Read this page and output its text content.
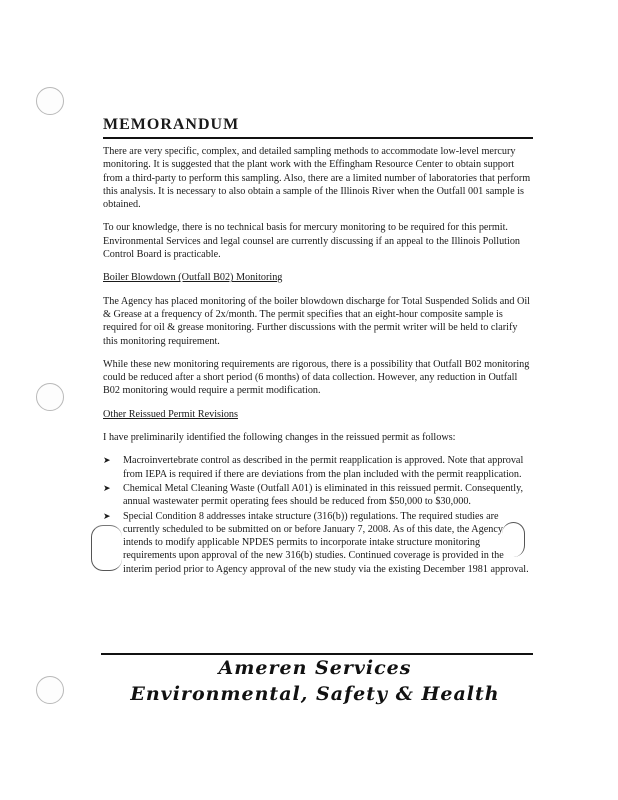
MEMORANDUM

There are very specific, complex, and detailed sampling methods to accommodate low-level mercury monitoring. It is suggested that the plant work with the Effingham Resource Center to obtain support from a third-party to perform this sampling. Also, there are a limited number of laboratories that perform this analysis. It is necessary to also obtain a sample of the Illinois River when the Outfall 001 sample is obtained.

To our knowledge, there is no technical basis for mercury monitoring to be required for this permit. Environmental Services and legal counsel are currently discussing if an appeal to the Illinois Pollution Control Board is practicable.

Boiler Blowdown (Outfall B02) Monitoring

The Agency has placed monitoring of the boiler blowdown discharge for Total Suspended Solids and Oil & Grease at a frequency of 2x/month. The permit specifies that an eight-hour composite sample is required for oil & grease monitoring. Further discussions with the permit writer will be held to clarify this monitoring requirement.

While these new monitoring requirements are rigorous, there is a possibility that Outfall B02 monitoring could be reduced after a short period (6 months) of data collection. However, any reduction in Outfall B02 monitoring would require a permit modification.

Other Reissued Permit Revisions

I have preliminarily identified the following changes in the reissued permit as follows:

➤ Macroinvertebrate control as described in the permit reapplication is approved. Note that approval from IEPA is required if there are deviations from the plan included with the permit reapplication.
➤ Chemical Metal Cleaning Waste (Outfall A01) is eliminated in this reissued permit. Consequently, annual wastewater permit operating fees should be reduced from $50,000 to $30,000.
➤ Special Condition 8 addresses intake structure (316(b)) regulations. The required studies are currently scheduled to be submitted on or before January 7, 2008. As of this date, the Agency intends to modify applicable NPDES permits to incorporate intake structure monitoring requirements upon approval of the new 316(b) studies. Continued coverage is provided in the interim period prior to Agency approval of the new study via the existing December 1981 approval.
Ameren Services
Environmental, Safety & Health
